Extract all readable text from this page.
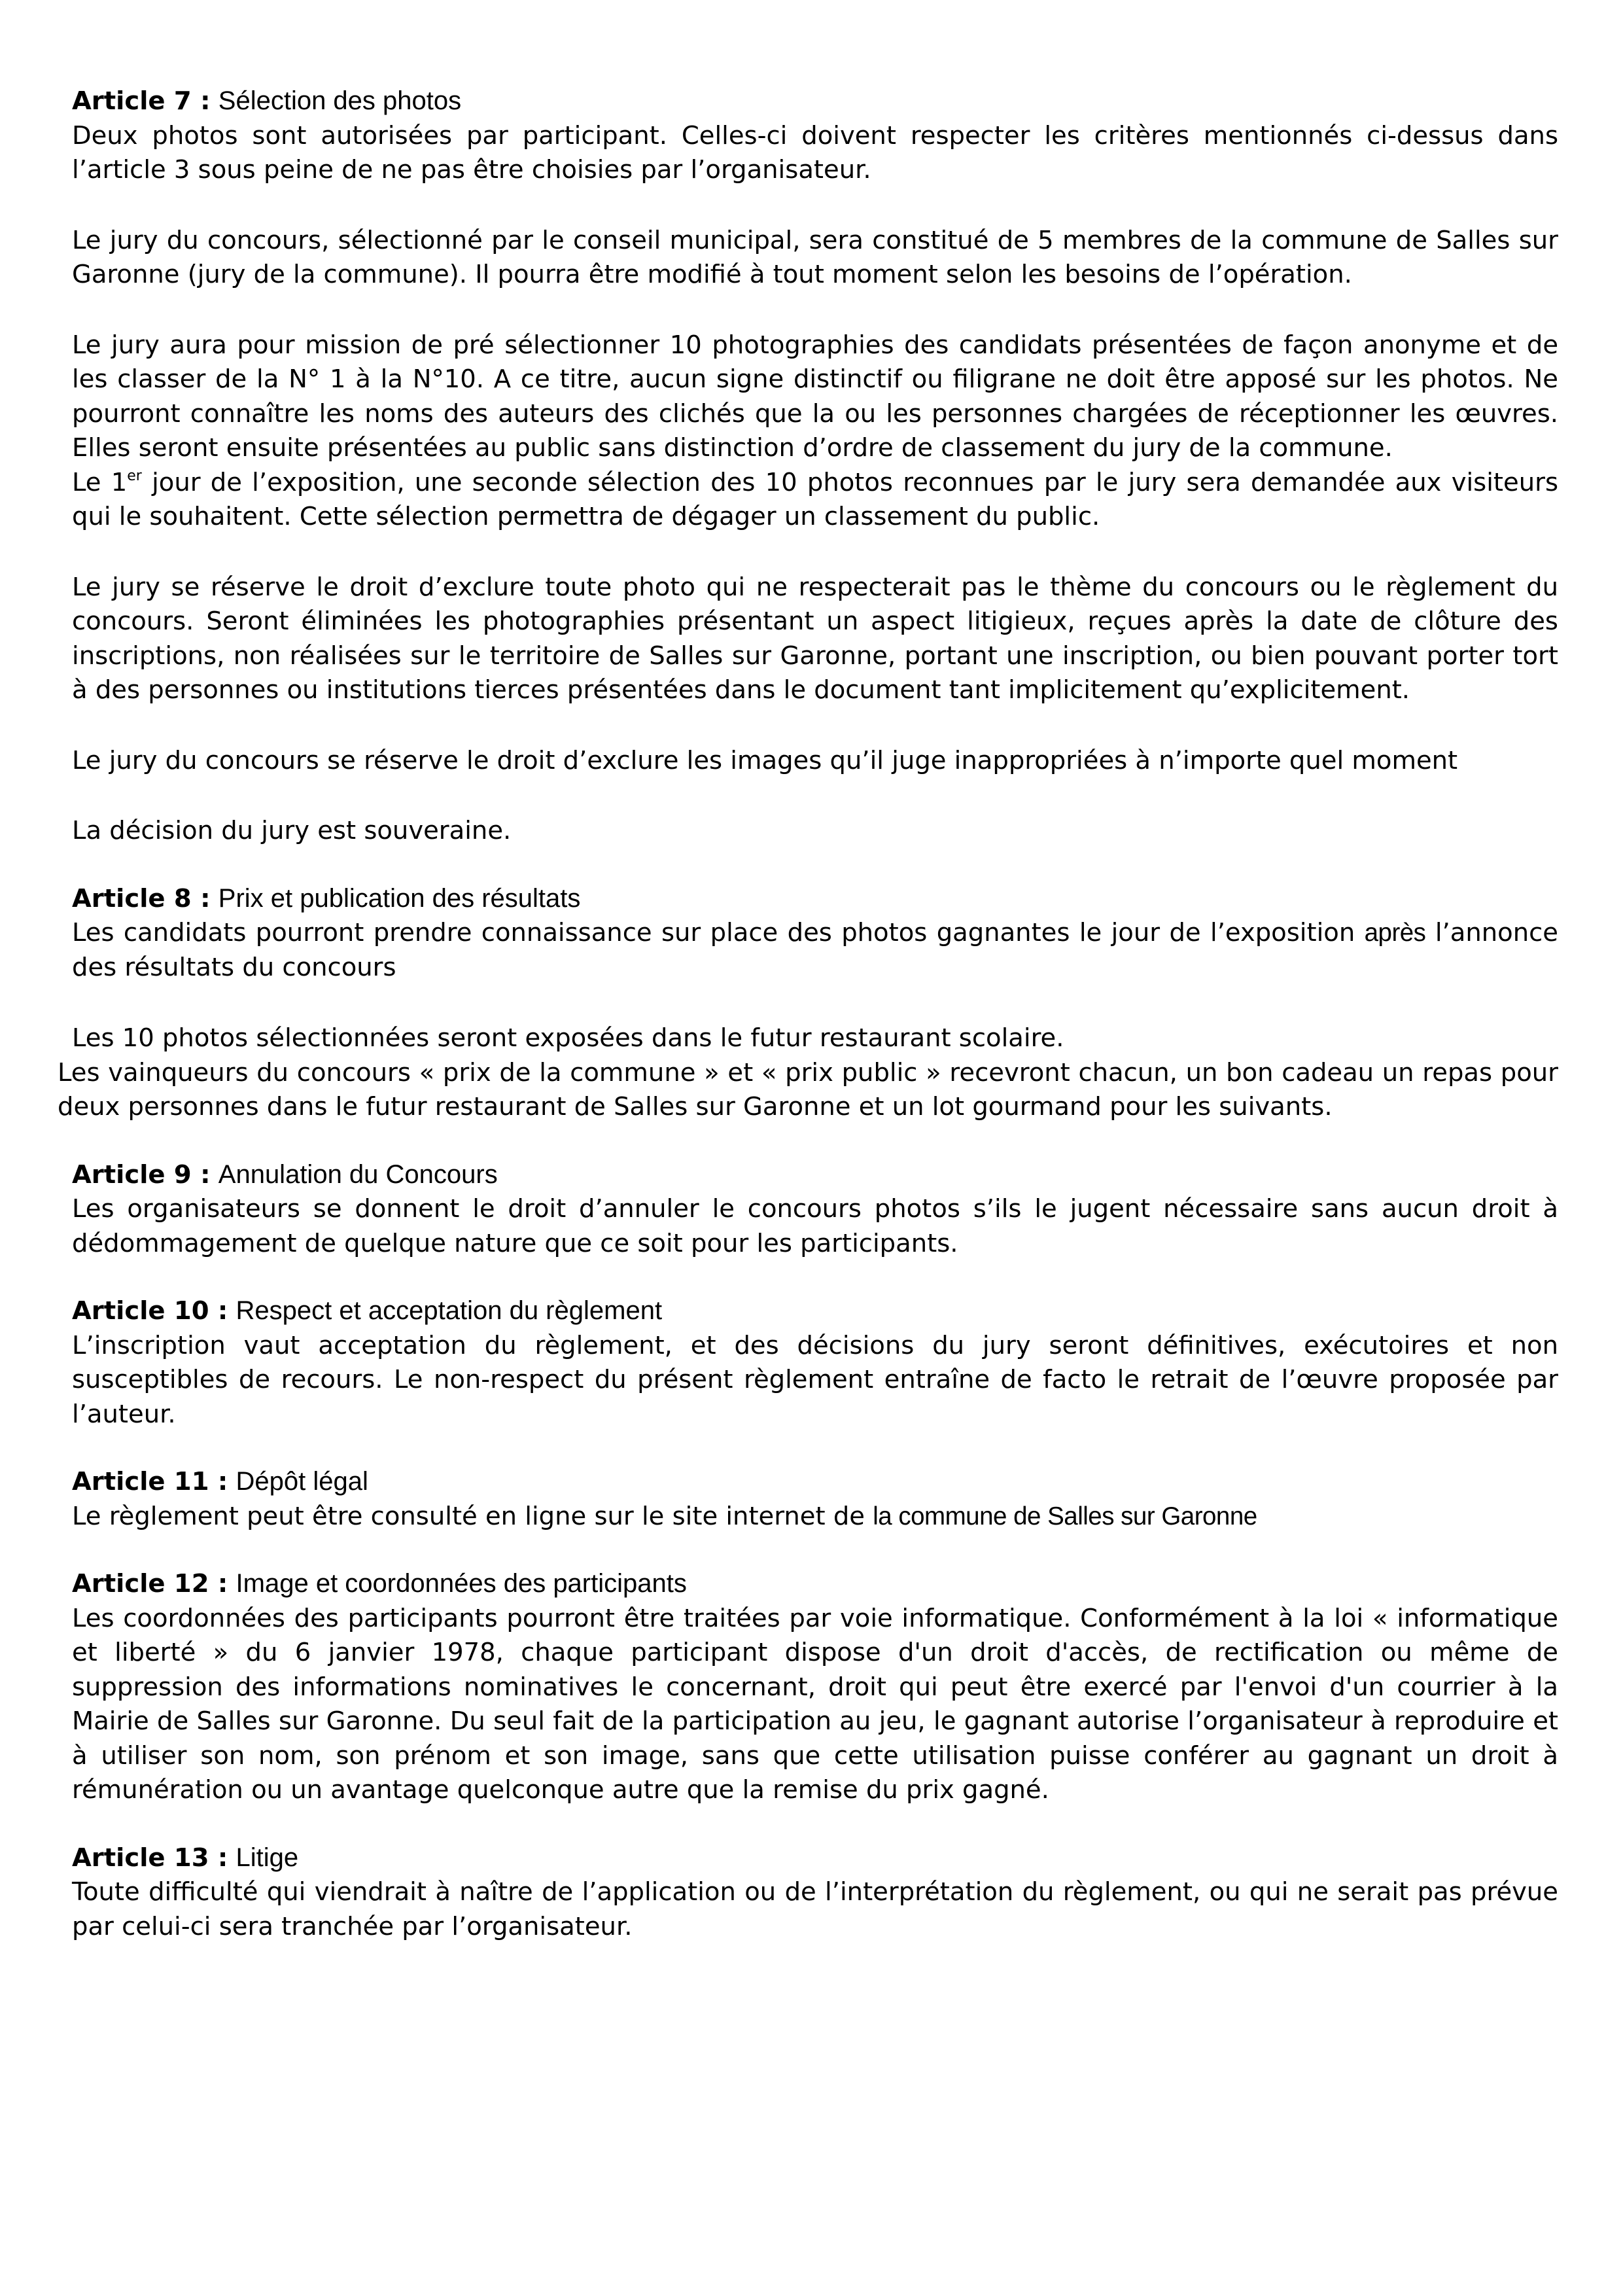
Article 7 : Sélection des photos

Deux photos sont autorisées par participant. Celles-ci doivent respecter les critères mentionnés ci-dessus dans l’article 3 sous peine de ne pas être choisies par l’organisateur.

Le jury du concours, sélectionné par le conseil municipal, sera constitué de 5 membres de la commune de Salles sur Garonne (jury de la commune). Il pourra être modifié à tout moment selon les besoins de l’opération.

Le jury aura pour mission de pré sélectionner 10 photographies des candidats présentées de façon anonyme et de les classer de la N° 1 à la N°10. A ce titre, aucun signe distinctif ou filigrane ne doit être apposé sur les photos. Ne pourront connaître les noms des auteurs des clichés que la ou les personnes chargées de réceptionner les œuvres. Elles seront ensuite présentées au public sans distinction d’ordre de classement du jury de la commune.

Le 1er jour de l’exposition, une seconde sélection des 10 photos reconnues par le jury sera demandée aux visiteurs qui le souhaitent. Cette sélection permettra de dégager un classement du public.

Le jury se réserve le droit d’exclure toute photo qui ne respecterait pas le thème du concours ou le règlement du concours. Seront éliminées les photographies présentant un aspect litigieux, reçues après la date de clôture des inscriptions, non réalisées sur le territoire de Salles sur Garonne, portant une inscription, ou bien pouvant porter tort à des personnes ou institutions tierces présentées dans le document tant implicitement qu’explicitement.

Le jury du concours se réserve le droit d’exclure les images qu’il juge inappropriées à n’importe quel moment

La décision du jury est souveraine.

Article 8 : Prix et publication des résultats

Les candidats pourront prendre connaissance sur place des photos gagnantes le jour de l’exposition après l’annonce des résultats du concours

Les 10 photos sélectionnées seront exposées dans le futur restaurant scolaire.

Les vainqueurs du concours « prix de la commune » et « prix public » recevront chacun, un bon cadeau un repas pour deux personnes dans le futur restaurant de Salles sur Garonne et un lot gourmand pour les suivants.

Article 9 : Annulation du Concours

Les organisateurs se donnent le droit d’annuler le concours photos s’ils le jugent nécessaire sans aucun droit à dédommagement de quelque nature que ce soit pour les participants.

Article 10 : Respect et acceptation du règlement

L’inscription vaut acceptation du règlement, et des décisions du jury seront définitives, exécutoires et non susceptibles de recours. Le non-respect du présent règlement entraîne de facto le retrait de l’œuvre proposée par l’auteur.

Article 11 : Dépôt légal

Le règlement peut être consulté en ligne sur le site internet de la commune de Salles sur Garonne

Article 12 : Image et coordonnées des participants

Les coordonnées des participants pourront être traitées par voie informatique. Conformément à la loi « informatique et liberté » du 6 janvier 1978, chaque participant dispose d'un droit d'accès, de rectification ou même de suppression des informations nominatives le concernant, droit qui peut être exercé par l'envoi d'un courrier à la Mairie de Salles sur Garonne. Du seul fait de la participation au jeu, le gagnant autorise l’organisateur à reproduire et à utiliser son nom, son prénom et son image, sans que cette utilisation puisse conférer au gagnant un droit à rémunération ou un avantage quelconque autre que la remise du prix gagné.

Article 13 : Litige

Toute difficulté qui viendrait à naître de l’application ou de l’interprétation du règlement, ou qui ne serait pas prévue par celui-ci sera tranchée par l’organisateur.
